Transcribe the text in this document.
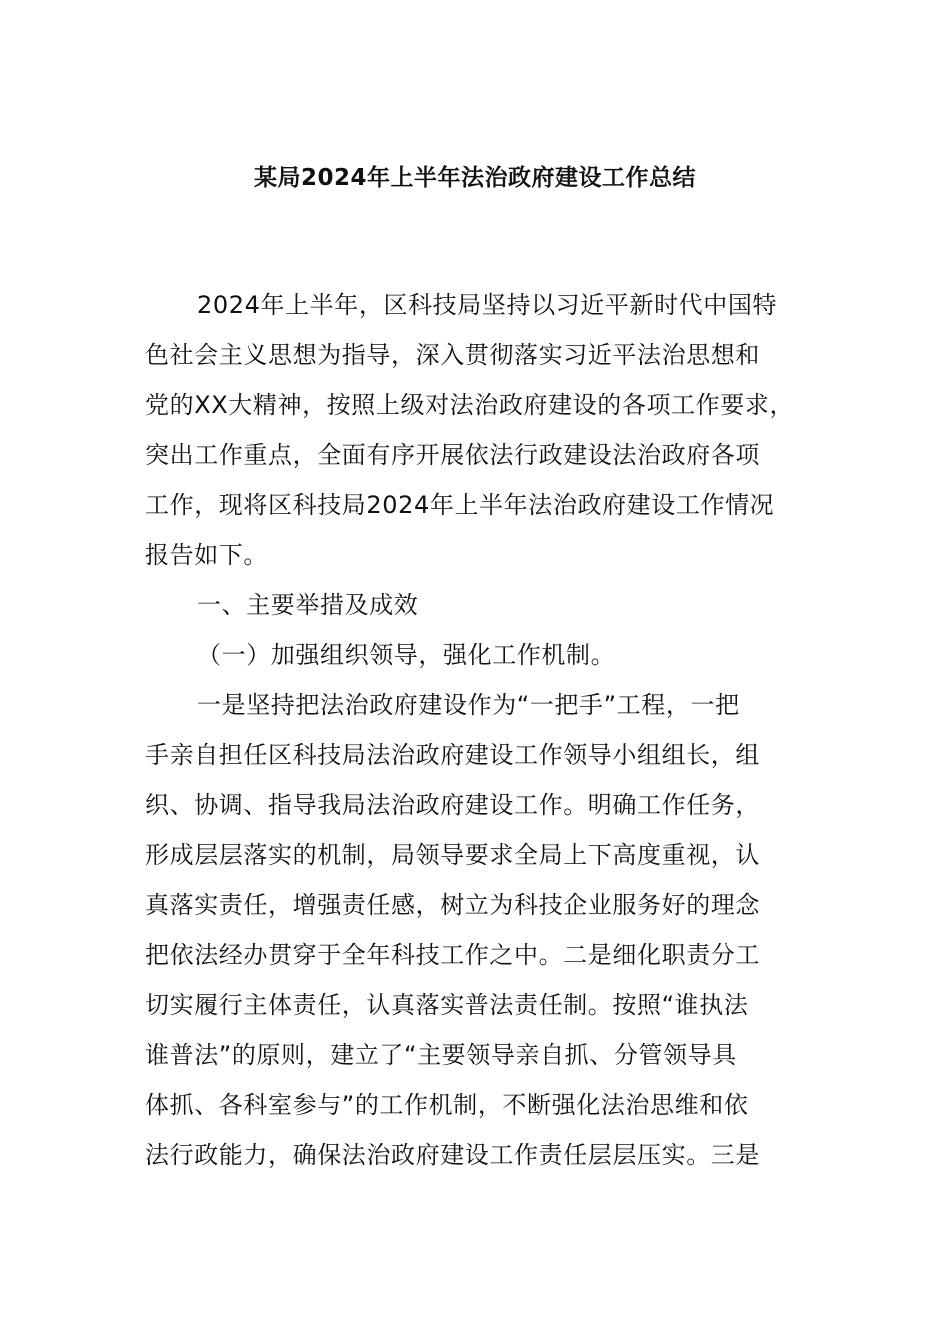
某局2024年上半年法治政府建设工作总结
2024年上半年，区科技局坚持以习近平新时代中国特
色社会主义思想为指导，深入贯彻落实习近平法治思想和
党的XX大精神，按照上级对法治政府建设的各项工作要求，
突出工作重点，全面有序开展依法行政建设法治政府各项
工作，现将区科技局2024年上半年法治政府建设工作情况
报告如下。
一、主要举措及成效
（一）加强组织领导，强化工作机制。
一是坚持把法治政府建设作为“一把手”工程，一把
手亲自担任区科技局法治政府建设工作领导小组组长，组
织、协调、指导我局法治政府建设工作。明确工作任务，
形成层层落实的机制，局领导要求全局上下高度重视，认
真落实责任，增强责任感，树立为科技企业服务好的理念
把依法经办贯穿于全年科技工作之中。二是细化职责分工
切实履行主体责任，认真落实普法责任制。按照“谁执法
谁普法”的原则，建立了“主要领导亲自抓、分管领导具
体抓、各科室参与”的工作机制，不断强化法治思维和依
法行政能力，确保法治政府建设工作责任层层压实。三是
